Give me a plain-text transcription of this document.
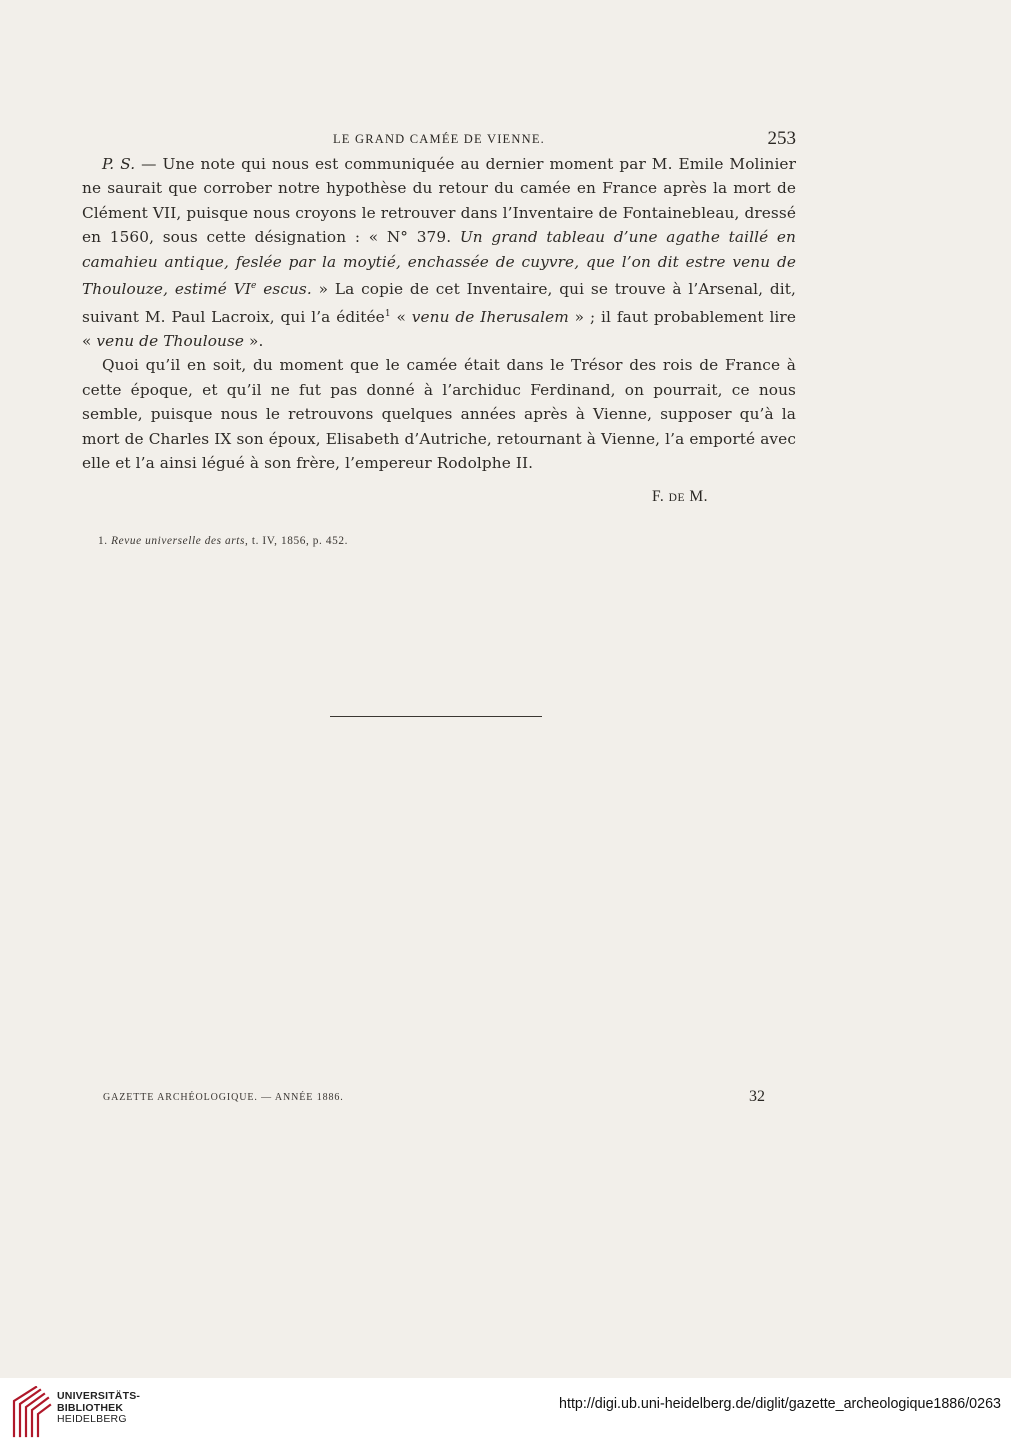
LE GRAND CAMÉE DE VIENNE.	253

P. S. — Une note qui nous est communiquée au dernier moment par M. Emile Molinier ne saurait que corrober notre hypothèse du retour du camée en France après la mort de Clément VII, puisque nous croyons le retrouver dans l’Inventaire de Fontainebleau, dressé en 1560, sous cette désignation : « N° 379. Un grand tableau d’une agathe taillé en camahieu antique, feslée par la moytié, enchassée de cuyvre, que l’on dit estre venu de Thoulouze, estimé VIe escus. » La copie de cet Inventaire, qui se trouve à l’Arsenal, dit, suivant M. Paul Lacroix, qui l’a éditée$^1$ « venu de Iherusalem » ; il faut probablement lire « venu de Thoulouse ».

Quoi qu’il en soit, du moment que le camée était dans le Trésor des rois de France à cette époque, et qu’il ne fut pas donné à l’archiduc Ferdinand, on pourrait, ce nous semble, puisque nous le retrouvons quelques années après à Vienne, supposer qu’à la mort de Charles IX son époux, Elisabeth d’Autriche, retournant à Vienne, l’a emporté avec elle et l’a ainsi légué à son frère, l’empereur Rodolphe II.

F. DE M.
1. Revue universelle des arts, t. IV, 1856, p. 452.
GAZETTE ARCHÉOLOGIQUE. — ANNÉE 1886.	32
UNIVERSITÄTS-
BIBLIOTHEK
HEIDELBERG
http://digi.ub.uni-heidelberg.de/diglit/gazette_archeologique1886/0263
